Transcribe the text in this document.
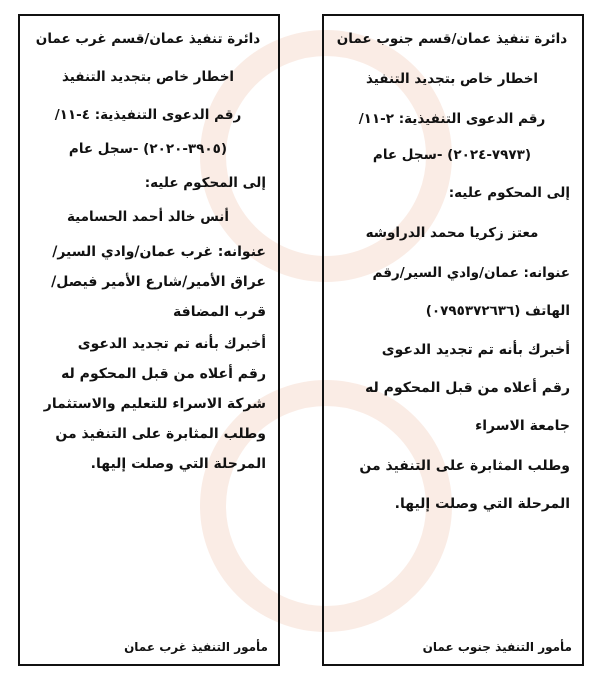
دائرة تنفيذ عمان/قسم جنوب عمان
اخطار خاص بتجديد التنفيذ
رقم الدعوى التنفيذية: ٢-١١/
(٧٩٧٣-٢٠٢٤) -سجل عام
إلى المحكوم عليه:
معتز زكريا محمد الدراوشه
عنوانه: عمان/وادي السير/رقم
الهاتف (٠٧٩٥٣٧٢٦٣٦)
أخبرك بأنه تم تجديد الدعوى
رقم أعلاه من قبل المحكوم له
جامعة الاسراء
وطلب المثابرة على التنفيذ من
المرحلة التي وصلت إليها.
مأمور التنفيذ جنوب عمان
دائرة تنفيذ عمان/قسم غرب عمان
اخطار خاص بتجديد التنفيذ
رقم الدعوى التنفيذية: ٤-١١/
(٣٩٠٥-٢٠٢٠) -سجل عام
إلى المحكوم عليه:
أنس خالد أحمد الحسامية
عنوانه: غرب عمان/وادي السير/
عراق الأمير/شارع الأمير فيصل/
قرب المضافة
أخبرك بأنه تم تجديد الدعوى
رقم أعلاه من قبل المحكوم له
شركة الاسراء للتعليم والاستثمار
وطلب المثابرة على التنفيذ من
المرحلة التي وصلت إليها.
مأمور التنفيذ غرب عمان
